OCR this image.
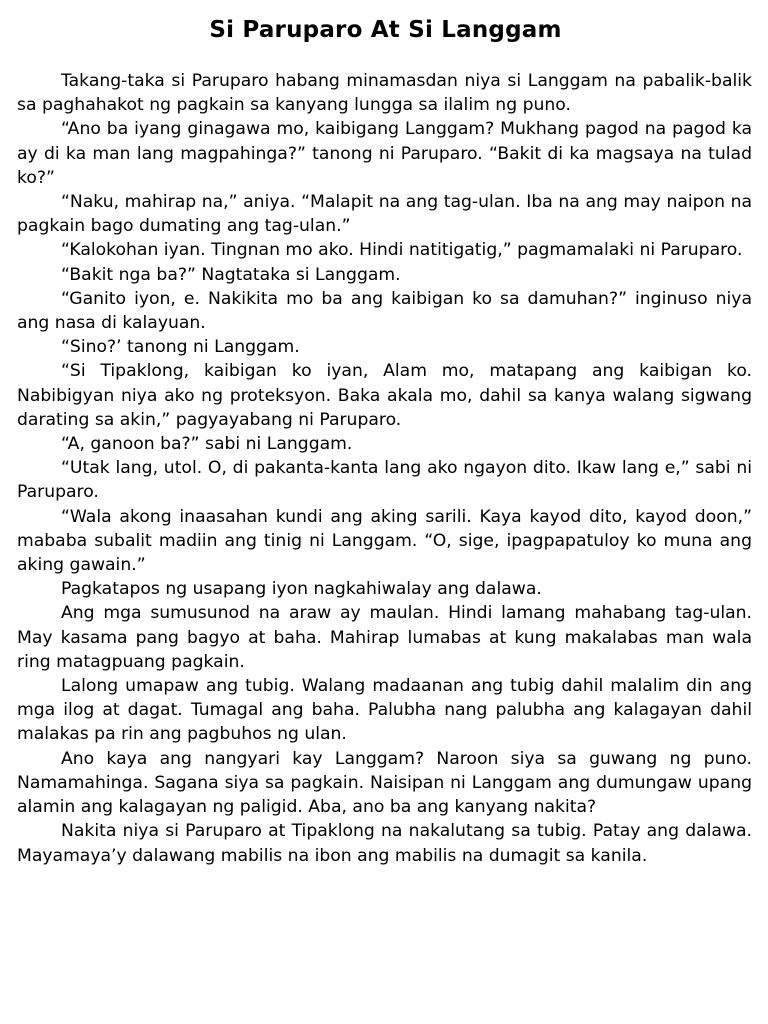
Si Paruparo At Si Langgam

Takang-taka si Paruparo habang minamasdan niya si Langgam na pabalik-balik sa paghahakot ng pagkain sa kanyang lungga sa ilalim ng puno.

“Ano ba iyang ginagawa mo, kaibigang Langgam? Mukhang pagod na pagod ka ay di ka man lang magpahinga?” tanong ni Paruparo. “Bakit di ka magsaya na tulad ko?”

“Naku, mahirap na,” aniya. “Malapit na ang tag-ulan. Iba na ang may naipon na pagkain bago dumating ang tag-ulan.”

“Kalokohan iyan. Tingnan mo ako. Hindi natitigatig,” pagmamalaki ni Paruparo.

“Bakit nga ba?” Nagtataka si Langgam.

“Ganito iyon, e. Nakikita mo ba ang kaibigan ko sa damuhan?” inginuso niya ang nasa di kalayuan.

“Sino?’ tanong ni Langgam.

“Si Tipaklong, kaibigan ko iyan, Alam mo, matapang ang kaibigan ko. Nabibigyan niya ako ng proteksyon. Baka akala mo, dahil sa kanya walang sigwang darating sa akin,” pagyayabang ni Paruparo.

“A, ganoon ba?” sabi ni Langgam.

“Utak lang, utol. O, di pakanta-kanta lang ako ngayon dito. Ikaw lang e,” sabi ni Paruparo.

“Wala akong inaasahan kundi ang aking sarili. Kaya kayod dito, kayod doon,” mababa subalit madiin ang tinig ni Langgam. “O, sige, ipagpapatuloy ko muna ang aking gawain.”

Pagkatapos ng usapang iyon nagkahiwalay ang dalawa.

Ang mga sumusunod na araw ay maulan. Hindi lamang mahabang tag-ulan. May kasama pang bagyo at baha. Mahirap lumabas at kung makalabas man wala ring matagpuang pagkain.

Lalong umapaw ang tubig. Walang madaanan ang tubig dahil malalim din ang mga ilog at dagat. Tumagal ang baha. Palubha nang palubha ang kalagayan dahil malakas pa rin ang pagbuhos ng ulan.

Ano kaya ang nangyari kay Langgam? Naroon siya sa guwang ng puno. Namamahinga. Sagana siya sa pagkain. Naisipan ni Langgam ang dumungaw upang alamin ang kalagayan ng paligid. Aba, ano ba ang kanyang nakita?

Nakita niya si Paruparo at Tipaklong na nakalutang sa tubig. Patay ang dalawa. Mayamaya’y dalawang mabilis na ibon ang mabilis na dumagit sa kanila.
